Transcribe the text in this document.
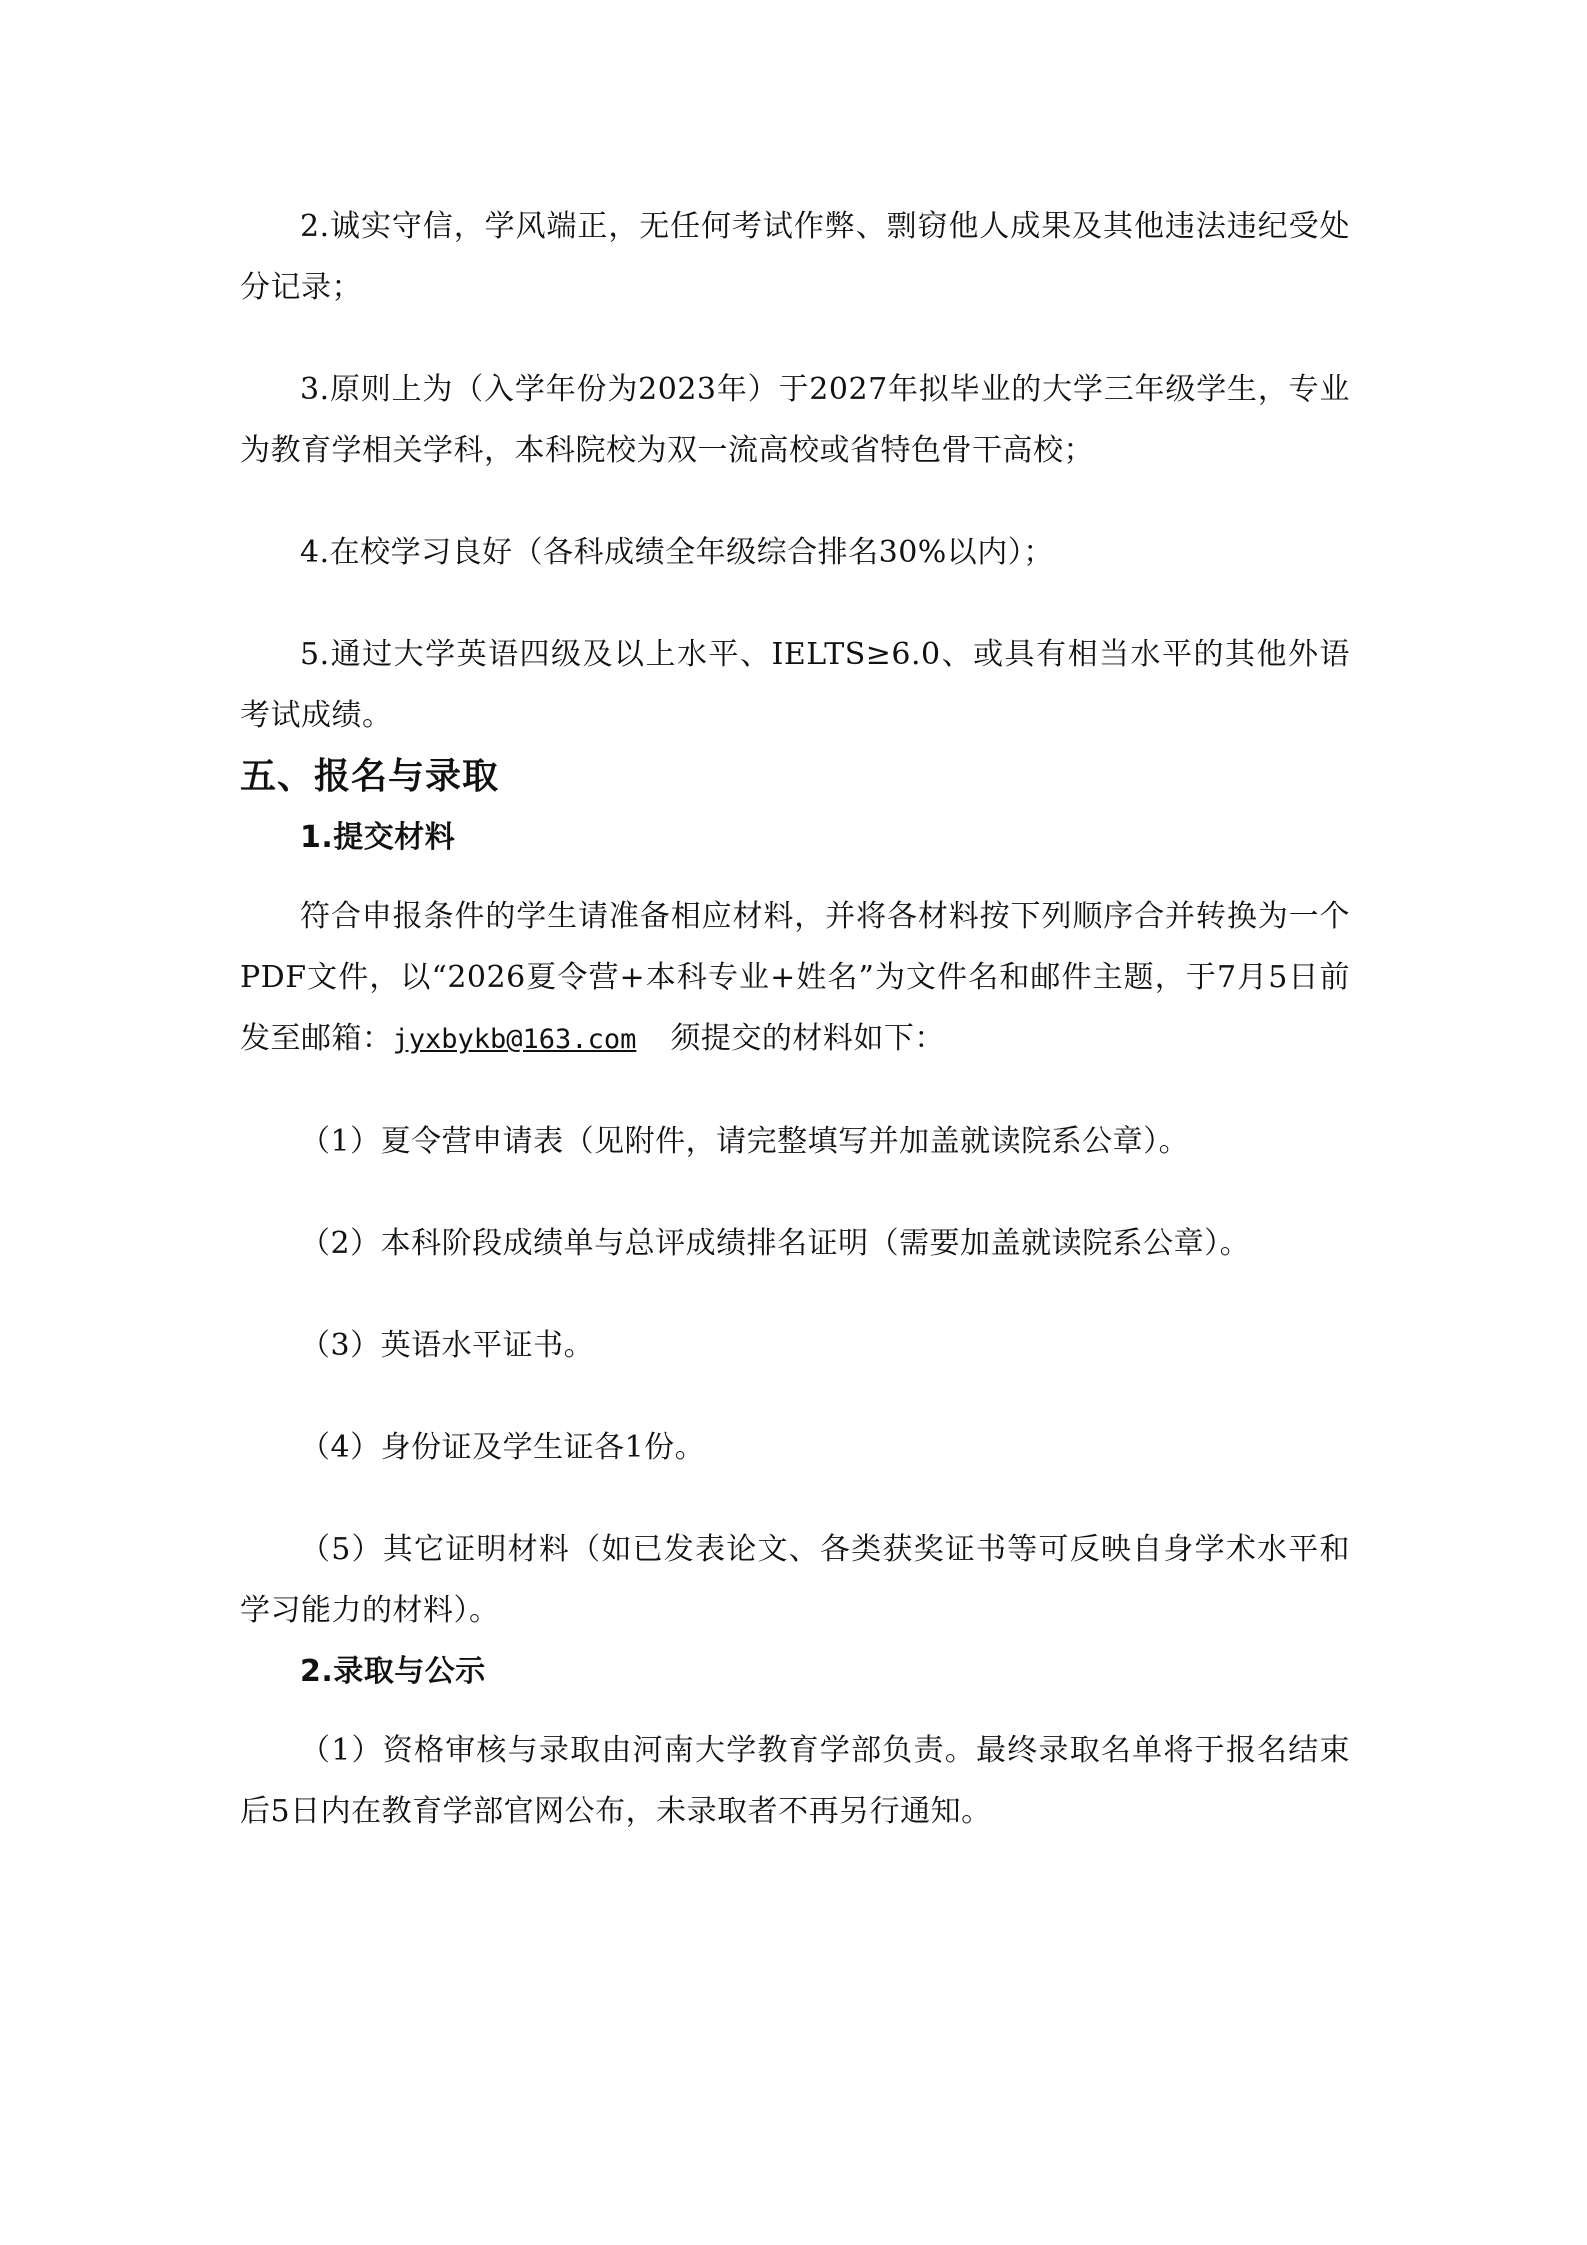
2.诚实守信，学风端正，无任何考试作弊、剽窃他人成果及其他违法违纪受处分记录；

3.原则上为（入学年份为2023年）于2027年拟毕业的大学三年级学生，专业为教育学相关学科，本科院校为双一流高校或省特色骨干高校；

4.在校学习良好（各科成绩全年级综合排名30%以内）；

5.通过大学英语四级及以上水平、IELTS≥6.0、或具有相当水平的其他外语考试成绩。

五、报名与录取
1.提交材料

符合申报条件的学生请准备相应材料，并将各材料按下列顺序合并转换为一个PDF文件，以“2026夏令营+本科专业+姓名”为文件名和邮件主题，于7月5日前发至邮箱：jyxbykb@163.com 须提交的材料如下：

（1）夏令营申请表（见附件，请完整填写并加盖就读院系公章）。

（2）本科阶段成绩单与总评成绩排名证明（需要加盖就读院系公章）。

（3）英语水平证书。

（4）身份证及学生证各1份。

（5）其它证明材料（如已发表论文、各类获奖证书等可反映自身学术水平和学习能力的材料）。

2.录取与公示

（1）资格审核与录取由河南大学教育学部负责。最终录取名单将于报名结束后5日内在教育学部官网公布，未录取者不再另行通知。
